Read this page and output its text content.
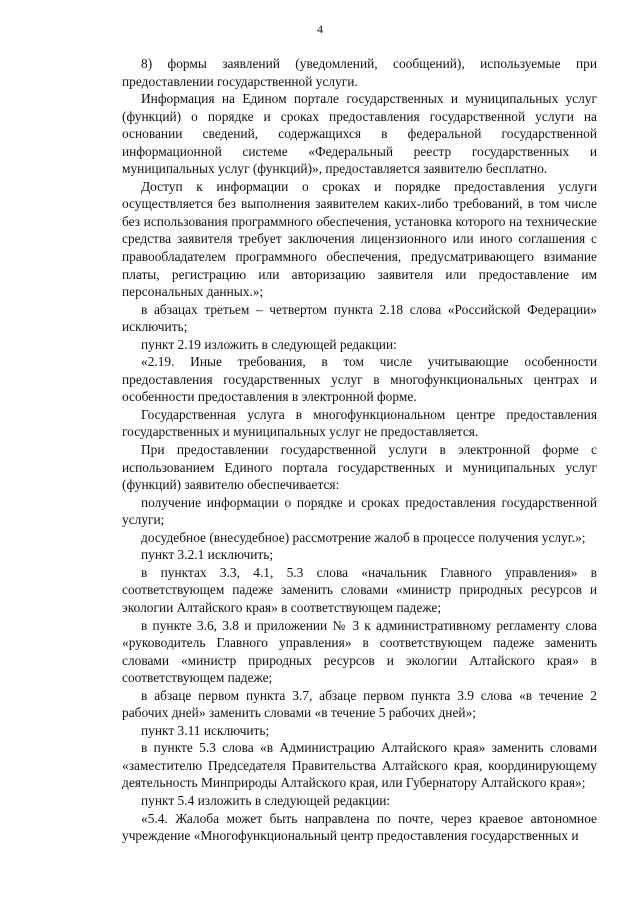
4

8) формы заявлений (уведомлений, сообщений), используемые при предоставлении государственной услуги.

Информация на Едином портале государственных и муниципальных услуг (функций) о порядке и сроках предоставления государственной услуги на основании сведений, содержащихся в федеральной государственной информационной системе «Федеральный реестр государственных и муниципальных услуг (функций)», предоставляется заявителю бесплатно.

Доступ к информации о сроках и порядке предоставления услуги осуществляется без выполнения заявителем каких-либо требований, в том числе без использования программного обеспечения, установка которого на технические средства заявителя требует заключения лицензионного или иного соглашения с правообладателем программного обеспечения, предусматривающего взимание платы, регистрацию или авторизацию заявителя или предоставление им персональных данных.»;

в абзацах третьем – четвертом пункта 2.18 слова «Российской Федерации» исключить;

пункт 2.19 изложить в следующей редакции:

«2.19. Иные требования, в том числе учитывающие особенности предоставления государственных услуг в многофункциональных центрах и особенности предоставления в электронной форме.

Государственная услуга в многофункциональном центре предоставления государственных и муниципальных услуг не предоставляется.

При предоставлении государственной услуги в электронной форме с использованием Единого портала государственных и муниципальных услуг (функций) заявителю обеспечивается:

получение информации о порядке и сроках предоставления государственной услуги;

досудебное (внесудебное) рассмотрение жалоб в процессе получения услуг.»;

пункт 3.2.1 исключить;

в пунктах 3.3, 4.1, 5.3 слова «начальник Главного управления» в соответствующем падеже заменить словами «министр природных ресурсов и экологии Алтайского края» в соответствующем падеже;

в пункте 3.6, 3.8 и приложении № 3 к административному регламенту слова «руководитель Главного управления» в соответствующем падеже заменить словами «министр природных ресурсов и экологии Алтайского края» в соответствующем падеже;

в абзаце первом пункта 3.7, абзаце первом пункта 3.9 слова «в течение 2 рабочих дней» заменить словами «в течение 5 рабочих дней»;

пункт 3.11 исключить;

в пункте 5.3 слова «в Администрацию Алтайского края» заменить словами «заместителю Председателя Правительства Алтайского края, координирующему деятельность Минприроды Алтайского края, или Губернатору Алтайского края»;

пункт 5.4 изложить в следующей редакции:

«5.4. Жалоба может быть направлена по почте, через краевое автономное учреждение «Многофункциональный центр предоставления государственных и
